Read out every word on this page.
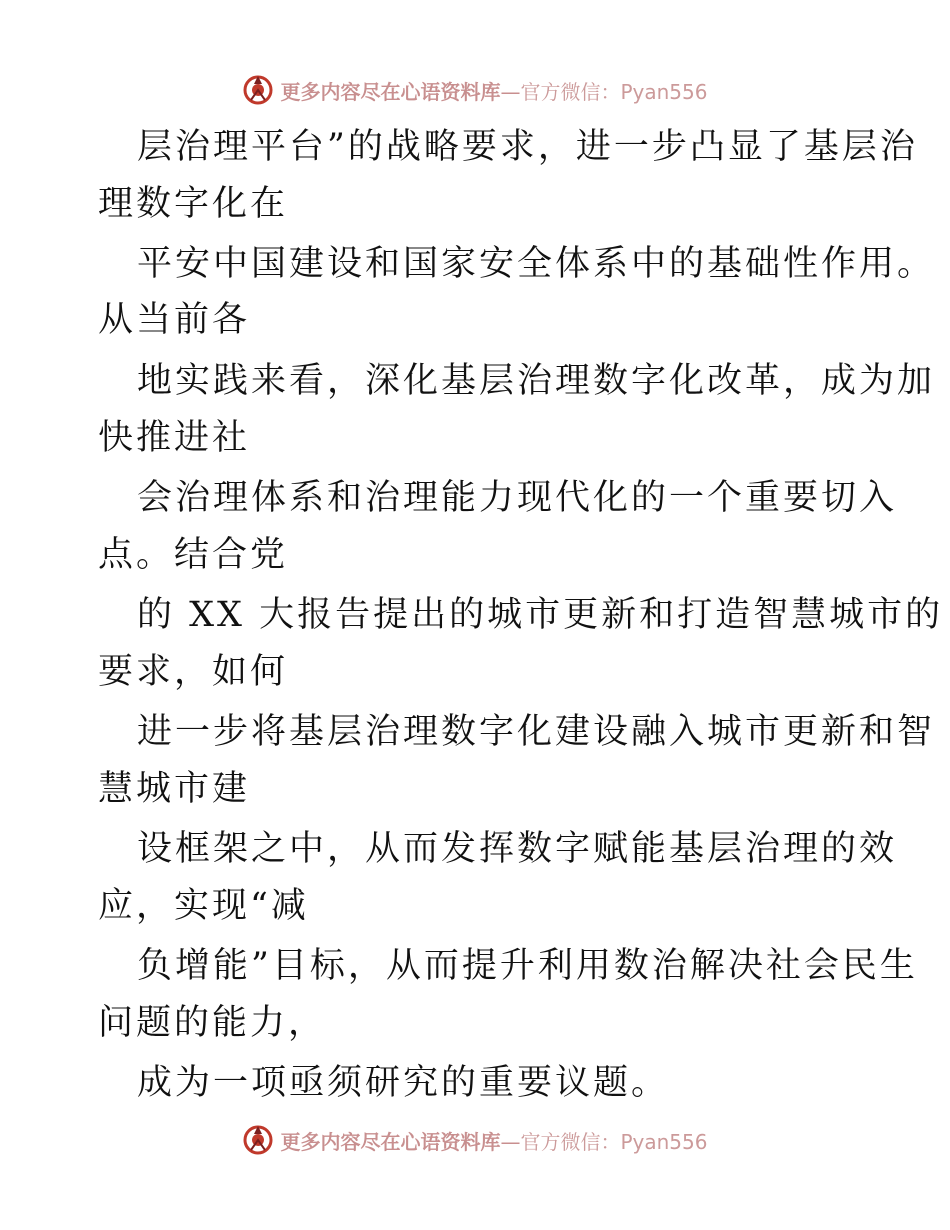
更多内容尽在心语资料库—官方微信：Pyan556
层治理平台”的战略要求，进一步凸显了基层治
理数字化在
平安中国建设和国家安全体系中的基础性作用。
从当前各
地实践来看，深化基层治理数字化改革，成为加
快推进社
会治理体系和治理能力现代化的一个重要切入
点。结合党
的 XX 大报告提出的城市更新和打造智慧城市的
要求，如何
进一步将基层治理数字化建设融入城市更新和智
慧城市建
设框架之中，从而发挥数字赋能基层治理的效
应，实现“减
负增能”目标，从而提升利用数治解决社会民生
问题的能力，
成为一项亟须研究的重要议题。
更多内容尽在心语资料库—官方微信：Pyan556
